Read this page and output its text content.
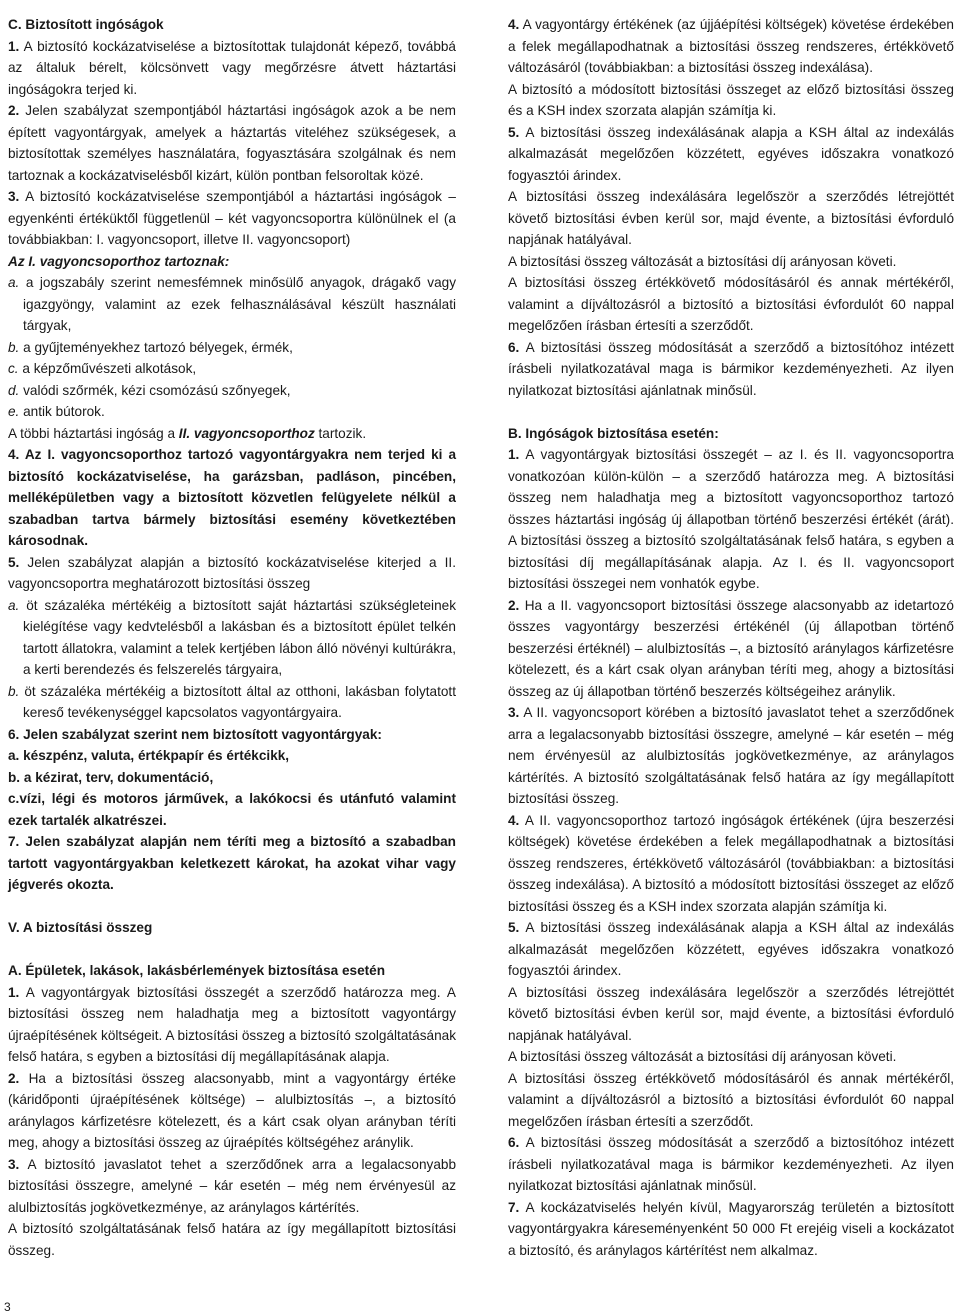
C. Biztosított ingóságok

1. A biztosító kockázatviselése a biztosítottak tulajdonát képező, továbbá az általuk bérelt, kölcsönvett vagy megőrzésre átvett háztartási ingóságokra terjed ki.

2. Jelen szabályzat szempontjából háztartási ingóságok azok a be nem épített vagyontárgyak, amelyek a háztartás viteléhez szükségesek, a biztosítottak személyes használatára, fogyasztására szolgálnak és nem tartoznak a kockázatviselésből kizárt, külön pontban felsoroltak közé.

3. A biztosító kockázatviselése szempontjából a háztartási ingóságok – egyenkénti értéküktől függetlenül – két vagyoncsoportra különülnek el (a továbbiakban: I. vagyoncsoport, illetve II. vagyoncsoport)

Az I. vagyoncsoporthoz tartoznak:

a. a jogszabály szerint nemesfémnek minősülő anyagok, drágakő vagy igazgyöngy, valamint az ezek felhasználásával készült használati tárgyak,

b. a gyűjteményekhez tartozó bélyegek, érmék,

c. a képzőművészeti alkotások,

d. valódi szőrmék, kézi csomózású szőnyegek,

e. antik bútorok.

A többi háztartási ingóság a II. vagyoncsoporthoz tartozik.

4. Az I. vagyoncsoporthoz tartozó vagyontárgyakra nem terjed ki a biztosító kockázatviselése, ha garázsban, padláson, pincében, melléképületben vagy a biztosított közvetlen felügyelete nélkül a szabadban tartva bármely biztosítási esemény következtében károsodnak.

5. Jelen szabályzat alapján a biztosító kockázatviselése kiterjed a II. vagyoncsoportra meghatározott biztosítási összeg

a. öt százaléka mértékéig a biztosított saját háztartási szükségleteinek kielégítése vagy kedvtelésből a lakásban és a biztosított épület telkén tartott állatokra, valamint a telek kertjében lábon álló növényi kultúrákra, a kerti berendezés és felszerelés tárgyaira,

b. öt százaléka mértékéig a biztosított által az otthoni, lakásban folytatott kereső tevékenységgel kapcsolatos vagyontárgyaira.

6. Jelen szabályzat szerint nem biztosított vagyontárgyak:

a. készpénz, valuta, értékpapír és értékcikk,

b. a kézirat, terv, dokumentáció,

c.vízi, légi és motoros járművek, a lakókocsi és utánfutó valamint ezek tartalék alkatrészei.

7. Jelen szabályzat alapján nem téríti meg a biztosító a szabadban tartott vagyontárgyakban keletkezett károkat, ha azokat vihar vagy jégverés okozta.

V. A biztosítási összeg

A. Épületek, lakások, lakásbérlemények biztosítása esetén

1. A vagyontárgyak biztosítási összegét a szerződő határozza meg. A biztosítási összeg nem haladhatja meg a biztosított vagyontárgy újraépítésének költségeit. A biztosítási összeg a biztosító szolgáltatásának felső határa, s egyben a biztosítási díj megállapításának alapja.

2. Ha a biztosítási összeg alacsonyabb, mint a vagyontárgy értéke (káridőponti újraépítésének költsége) – alulbiztosítás –, a biztosító aránylagos kárfizetésre kötelezett, és a kárt csak olyan arányban téríti meg, ahogy a biztosítási összeg az újraépítés költségéhez aránylik.

3. A biztosító javaslatot tehet a szerződőnek arra a legalacsonyabb biztosítási összegre, amelyné – kár esetén – még nem érvényesül az alulbiztosítás jogkövetkezménye, az aránylagos kártérítés.

A biztosító szolgáltatásának felső határa az így megállapított biztosítási összeg.

4. A vagyontárgy értékének (az újjáépítési költségek) követése érdekében a felek megállapodhatnak a biztosítási összeg rendszeres, értékkövető változásáról (továbbiakban: a biztosítási összeg indexálása).

A biztosító a módosított biztosítási összeget az előző biztosítási összeg és a KSH index szorzata alapján számítja ki.

5. A biztosítási összeg indexálásának alapja a KSH által az indexálás alkalmazását megelőzően közzétett, egyéves időszakra vonatkozó fogyasztói árindex.

A biztosítási összeg indexálására legelőször a szerződés létrejöttét követő biztosítási évben kerül sor, majd évente, a biztosítási évforduló napjának hatályával.

A biztosítási összeg változását a biztosítási díj arányosan követi.

A biztosítási összeg értékkövető módosításáról és annak mértékéről, valamint a díjváltozásról a biztosító a biztosítási évfordulót 60 nappal megelőzően írásban értesíti a szerződőt.

6. A biztosítási összeg módosítását a szerződő a biztosítóhoz intézett írásbeli nyilatkozatával maga is bármikor kezdeményezheti. Az ilyen nyilatkozat biztosítási ajánlatnak minősül.

B. Ingóságok biztosítása esetén:

1. A vagyontárgyak biztosítási összegét – az I. és II. vagyoncsoportra vonatkozóan külön-külön – a szerződő határozza meg. A biztosítási összeg nem haladhatja meg a biztosított vagyoncsoporthoz tartozó összes háztartási ingóság új állapotban történő beszerzési értékét (árát). A biztosítási összeg a biztosító szolgáltatásának felső határa, s egyben a biztosítási díj megállapításának alapja. Az I. és II. vagyoncsoport biztosítási összegei nem vonhatók egybe.

2. Ha a II. vagyoncsoport biztosítási összege alacsonyabb az idetartozó összes vagyontárgy beszerzési értékénél (új állapotban történő beszerzési értéknél) – alulbiztosítás –, a biztosító aránylagos kárfizetésre kötelezett, és a kárt csak olyan arányban téríti meg, ahogy a biztosítási összeg az új állapotban történő beszerzés költségeihez aránylik.

3. A II. vagyoncsoport körében a biztosító javaslatot tehet a szerződőnek arra a legalacsonyabb biztosítási összegre, amelyné – kár esetén – még nem érvényesül az alulbiztosítás jogkövetkezménye, az aránylagos kártérítés. A biztosító szolgáltatásának felső határa az így megállapított biztosítási összeg.

4. A II. vagyoncsoporthoz tartozó ingóságok értékének (újra beszerzési költségek) követése érdekében a felek megállapodhatnak a biztosítási összeg rendszeres, értékkövető változásáról (továbbiakban: a biztosítási összeg indexálása). A biztosító a módosított biztosítási összeget az előző biztosítási összeg és a KSH index szorzata alapján számítja ki.

5. A biztosítási összeg indexálásának alapja a KSH által az indexálás alkalmazását megelőzően közzétett, egyéves időszakra vonatkozó fogyasztói árindex.

A biztosítási összeg indexálására legelőször a szerződés létrejöttét követő biztosítási évben kerül sor, majd évente, a biztosítási évforduló napjának hatályával.

A biztosítási összeg változását a biztosítási díj arányosan követi.

A biztosítási összeg értékkövető módosításáról és annak mértékéről, valamint a díjváltozásról a biztosító a biztosítási évfordulót 60 nappal megelőzően írásban értesíti a szerződőt.

6. A biztosítási összeg módosítását a szerződő a biztosítóhoz intézett írásbeli nyilatkozatával maga is bármikor kezdeményezheti. Az ilyen nyilatkozat biztosítási ajánlatnak minősül.

7. A kockázatviselés helyén kívül, Magyarország területén a biztosított vagyontárgyakra káreseményenként 50 000 Ft erejéig viseli a kockázatot a biztosító, és aránylagos kártérítést nem alkalmaz.

3
